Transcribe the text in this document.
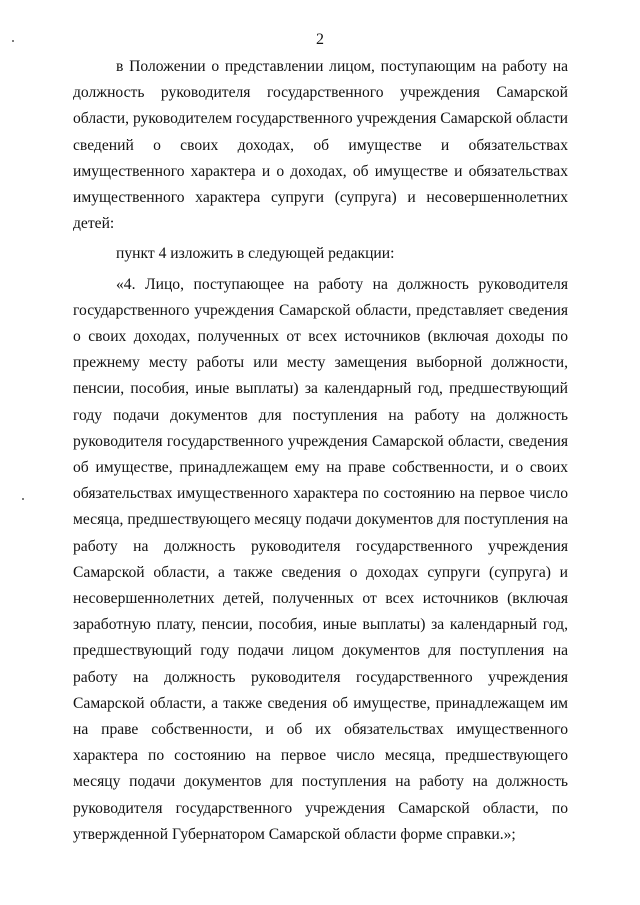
2

в Положении о представлении лицом, поступающим на работу на должность руководителя государственного учреждения Самарской области, руководителем государственного учреждения Самарской области сведений о своих доходах, об имуществе и обязательствах имущественного характера и о доходах, об имуществе и обязательствах имущественного характера супруги (супруга) и несовершеннолетних детей:

пункт 4 изложить в следующей редакции:

«4. Лицо, поступающее на работу на должность руководителя государственного учреждения Самарской области, представляет сведения о своих доходах, полученных от всех источников (включая доходы по прежнему месту работы или месту замещения выборной должности, пенсии, пособия, иные выплаты) за календарный год, предшествующий году подачи документов для поступления на работу на должность руководителя государственного учреждения Самарской области, сведения об имуществе, принадлежащем ему на праве собственности, и о своих обязательствах имущественного характера по состоянию на первое число месяца, предшествующего месяцу подачи документов для поступления на работу на должность руководителя государственного учреждения Самарской области, а также сведения о доходах супруги (супруга) и несовершеннолетних детей, полученных от всех источников (включая заработную плату, пенсии, пособия, иные выплаты) за календарный год, предшествующий году подачи лицом документов для поступления на работу на должность руководителя государственного учреждения Самарской области, а также сведения об имуществе, принадлежащем им на праве собственности, и об их обязательствах имущественного характера по состоянию на первое число месяца, предшествующего месяцу подачи документов для поступления на работу на должность руководителя государственного учреждения Самарской области, по утвержденной Губернатором Самарской области форме справки.»;
